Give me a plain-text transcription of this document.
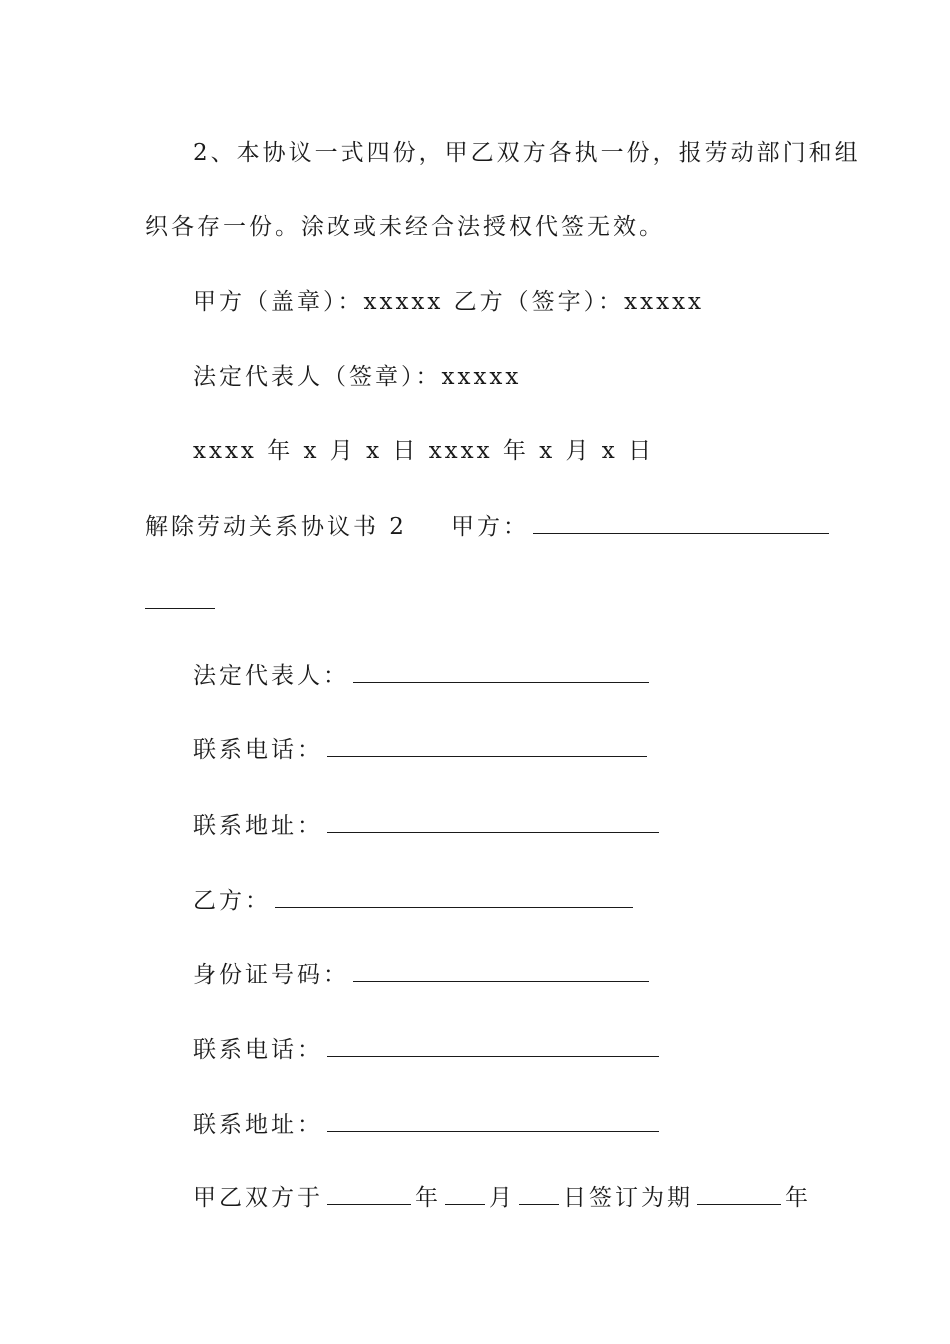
2、本协议一式四份，甲乙双方各执一份，报劳动部门和组
织各存一份。涂改或未经合法授权代签无效。
甲方（盖章）：xxxxx 乙方（签字）：xxxxx
法定代表人（签章）：xxxxx
xxxx 年 x 月 x 日 xxxx 年 x 月 x 日
解除劳动关系协议书 2 甲方：
法定代表人：
联系电话：
联系地址：
乙方：
身份证号码：
联系电话：
联系地址：
甲乙双方于	年 月 日签订为期	年
